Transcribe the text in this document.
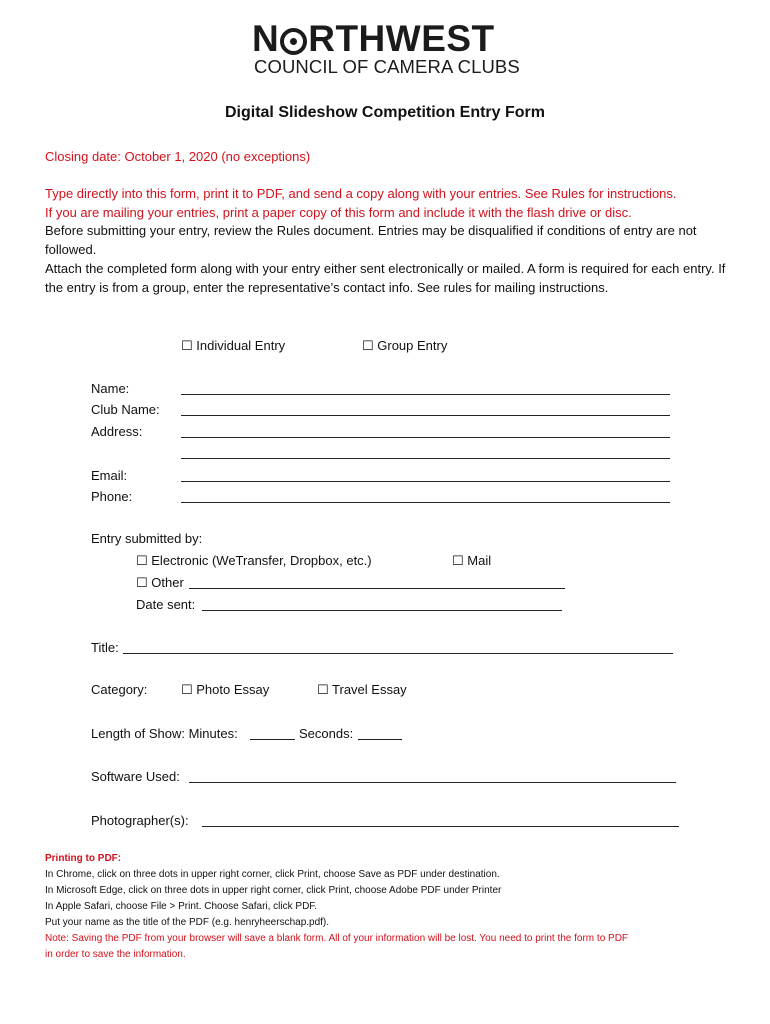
N RTHWEST
COUNCIL OF CAMERA CLUBS
Digital Slideshow Competition Entry Form
Closing date: October 1, 2020 (no exceptions)
Type directly into this form, print it to PDF, and send a copy along with your entries. See Rules for instructions.
If you are mailing your entries, print a paper copy of this form and include it with the flash drive or disc.

Before submitting your entry, review the Rules document. Entries may be disqualified if conditions of entry are not followed.

Attach the completed form along with your entry either sent electronically or mailed. A form is required for each entry. If the entry is from a group, enter the representative’s contact info. See rules for mailing instructions.

☐ Individual Entry	☐ Group Entry
Name:
Club Name:
Address:
Email:
Phone:
Entry submitted by:
☐ Electronic (WeTransfer, Dropbox, etc.)	☐ Mail
☐ Other
Date sent:
Title:
Category:	☐ Photo Essay	☐ Travel Essay
Length of Show: Minutes:	Seconds:
Software Used:
Photographer(s):
Printing to PDF:
In Chrome, click on three dots in upper right corner, click Print, choose Save as PDF under destination.
In Microsoft Edge, click on three dots in upper right corner, click Print, choose Adobe PDF under Printer
In Apple Safari, choose File > Print. Choose Safari, click PDF.
Put your name as the title of the PDF (e.g. henryheerschap.pdf).
Note: Saving the PDF from your browser will save a blank form. All of your information will be lost. You need to print the form to PDF
in order to save the information.
